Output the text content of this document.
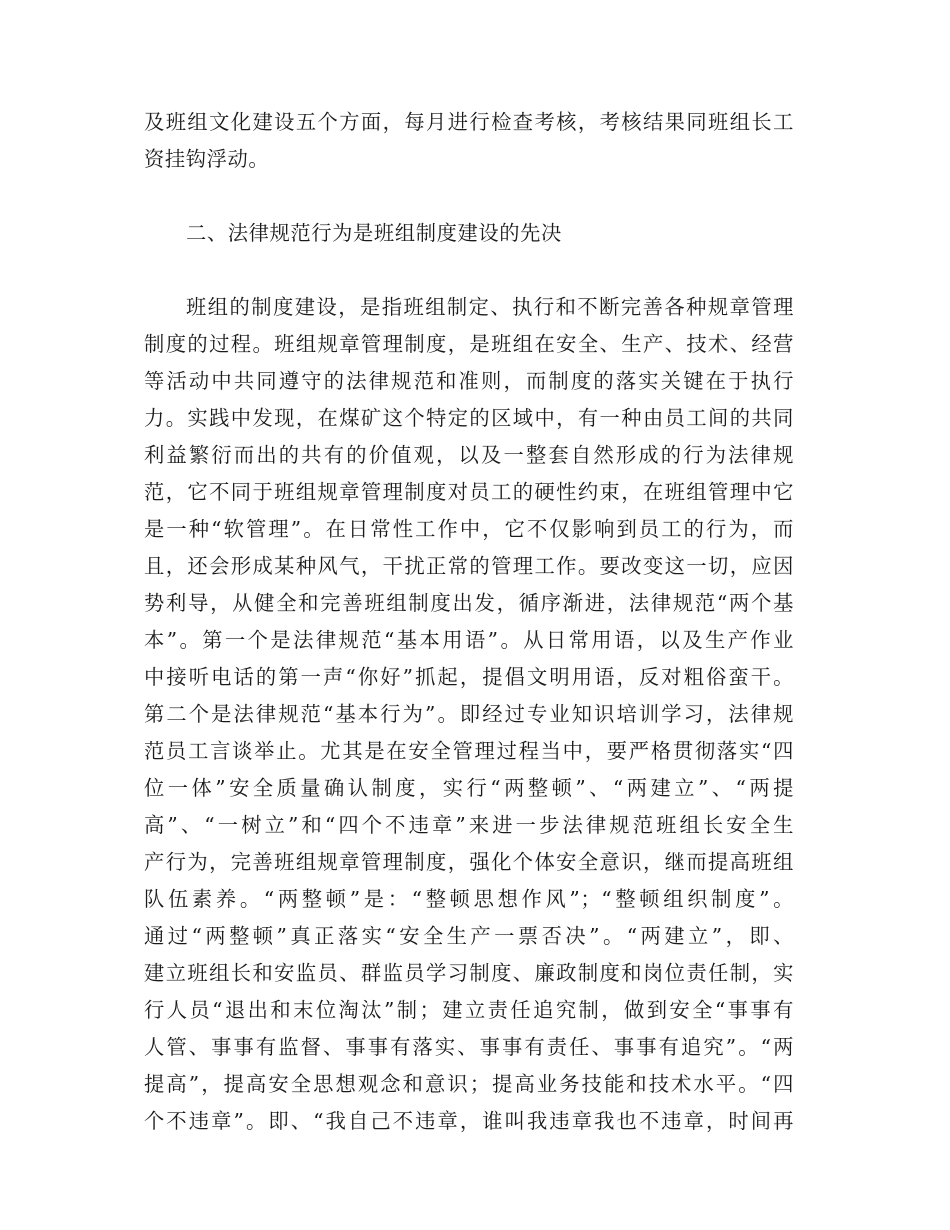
及班组文化建设五个方面，每月进行检查考核，考核结果同班组长工
资挂钩浮动。
二、法律规范行为是班组制度建设的先决
班组的制度建设，是指班组制定、执行和不断完善各种规章管理
制度的过程。班组规章管理制度，是班组在安全、生产、技术、经营
等活动中共同遵守的法律规范和准则，而制度的落实关键在于执行
力。实践中发现，在煤矿这个特定的区域中，有一种由员工间的共同
利益繁衍而出的共有的价值观，以及一整套自然形成的行为法律规
范，它不同于班组规章管理制度对员工的硬性约束，在班组管理中它
是一种“软管理”。在日常性工作中，它不仅影响到员工的行为，而
且，还会形成某种风气，干扰正常的管理工作。要改变这一切，应因
势利导，从健全和完善班组制度出发，循序渐进，法律规范“两个基
本”。第一个是法律规范“基本用语”。从日常用语，以及生产作业
中接听电话的第一声“你好”抓起，提倡文明用语，反对粗俗蛮干。
第二个是法律规范“基本行为”。即经过专业知识培训学习，法律规
范员工言谈举止。尤其是在安全管理过程当中，要严格贯彻落实“四
位一体”安全质量确认制度，实行“两整顿”、“两建立”、“两提
高”、“一树立”和“四个不违章”来进一步法律规范班组长安全生
产行为，完善班组规章管理制度，强化个体安全意识，继而提高班组
队伍素养。“两整顿”是：“整顿思想作风”；“整顿组织制度”。
通过“两整顿”真正落实“安全生产一票否决”。“两建立”，即、
建立班组长和安监员、群监员学习制度、廉政制度和岗位责任制，实
行人员“退出和末位淘汰”制；建立责任追究制，做到安全“事事有
人管、事事有监督、事事有落实、事事有责任、事事有追究”。“两
提高”，提高安全思想观念和意识；提高业务技能和技术水平。“四
个不违章”。即、“我自己不违章，谁叫我违章我也不违章，时间再
